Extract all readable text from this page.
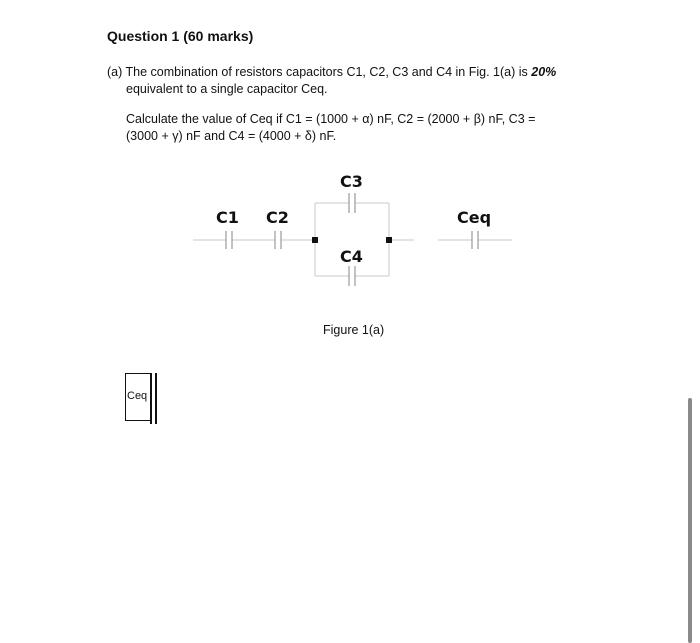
Question 1 (60 marks)
(a) The combination of resistors capacitors C1, C2, C3 and C4 in Fig. 1(a) is 20%
equivalent to a single capacitor Ceq.
Calculate the value of Ceq if C1 = (1000 + α) nF, C2 = (2000 + β) nF, C3 =
(3000 + γ) nF and C4 = (4000 + δ) nF.
C1 C2
C3
C4
Ceq
Figure 1(a)
Ceq
